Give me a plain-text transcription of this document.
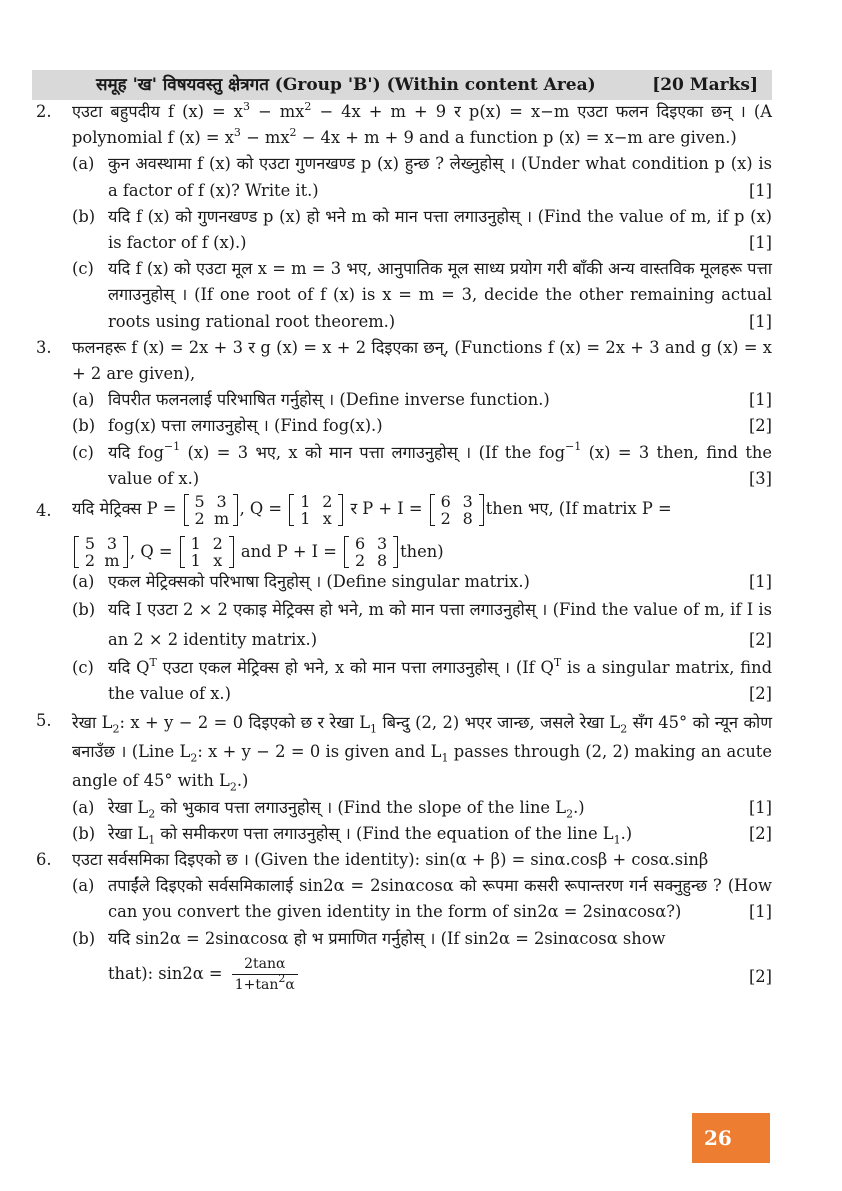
समूह 'ख' विषयवस्तु क्षेत्रगत (Group 'B') (Within content Area)	[20 Marks]
2. एउटा बहुपदीय f $(x) = x^3 - mx^2 - 4x + m + 9$ र p(x) = x−m एउटा फलन दिइएका छन् । (A polynomial f $(x) = x^3 - mx^2 - 4x + m + 9$ and a function p (x) = x−m are given.)
(a) कुन अवस्थामा f (x) को एउटा गुणनखण्ड p (x) हुन्छ ? लेख्नुहोस् । (Under what condition p (x) is a factor of f (x)? Write it.)	[1]
(b) यदि f (x) को गुणनखण्ड p (x) हो भने m को मान पत्ता लगाउनुहोस् । (Find the value of m, if p (x) is factor of f (x).)	[1]
(c) यदि f (x) को एउटा मूल x = m = 3 भए, आनुपातिक मूल साध्य प्रयोग गरी बाँकी अन्य वास्तविक मूलहरू पत्ता लगाउनुहोस् । (If one root of f (x) is x = m = 3, decide the other remaining actual roots using rational root theorem.)	[1]
3. फलनहरू f (x) = 2x + 3 र g (x) = x + 2 दिइएका छन्, (Functions f (x) = 2x + 3 and g (x) = x + 2 are given),
(a) विपरीत फलनलाई परिभाषित गर्नुहोस् । (Define inverse function.)	[1]
(b) fog(x) पत्ता लगाउनुहोस् । (Find fog(x).)	[2]
(c) यदि fog$^{-1}$ (x) = 3 भए, x को मान पत्ता लगाउनुहोस् । (If the fog$^{-1}$ (x) = 3 then, find the value of x.)	[3]
4. यदि मेट्रिक्स P =	5 3
2 m , Q =	1 2
1 x	र P + I =	6 3
2 8 then भए, (If matrix P =
5 3
2 m , Q =	1 2
1 x	and P + I =	6 3
2 8 then)
(a) एकल मेट्रिक्सको परिभाषा दिनुहोस् । (Define singular matrix.)	[1]
(b) यदि I एउटा 2 × 2 एकाइ मेट्रिक्स हो भने, m को मान पत्ता लगाउनुहोस् । (Find the value of m, if I is an 2 × 2 identity matrix.)	[2]
(c) यदि $Q^T$ एउटा एकल मेट्रिक्स हो भने, x को मान पत्ता लगाउनुहोस् । (If $Q^T$ is a singular matrix, find the value of x.)	[2]
5. रेखा $L_2$: x + y − 2 = 0 दिइएको छ र रेखा $L_1$ बिन्दु (2, 2) भएर जान्छ, जसले रेखा $L_2$ सँग 45° को न्यून कोण बनाउँछ । (Line $L_2$: x + y − 2 = 0 is given and $L_1$ passes through (2, 2) making an acute angle of 45° with $L_2$.)
(a) रेखा $L_2$ को भुकाव पत्ता लगाउनुहोस् । (Find the slope of the line $L_2$.)	[1]
(b) रेखा $L_1$ को समीकरण पत्ता लगाउनुहोस् । (Find the equation of the line $L_1$.)	[2]
6. एउटा सर्वसमिका दिइएको छ । (Given the identity): sin(α + β) = sinα.cosβ + cosα.sinβ
(a) तपाईंले दिइएको सर्वसमिकालाई sin2α = 2sinαcosα को रूपमा कसरी रूपान्तरण गर्न सक्नुहुन्छ ? (How can you convert the given identity in the form of sin2α = 2sinαcosα?)	[1]
(b) यदि sin2α = 2sinαcosα हो भ प्रमाणित गर्नुहोस् । (If sin2α = 2sinαcosα show
that): $\sin 2\alpha = \frac{2\tan\alpha}{1+\tan^2\alpha}$	[2]
26
